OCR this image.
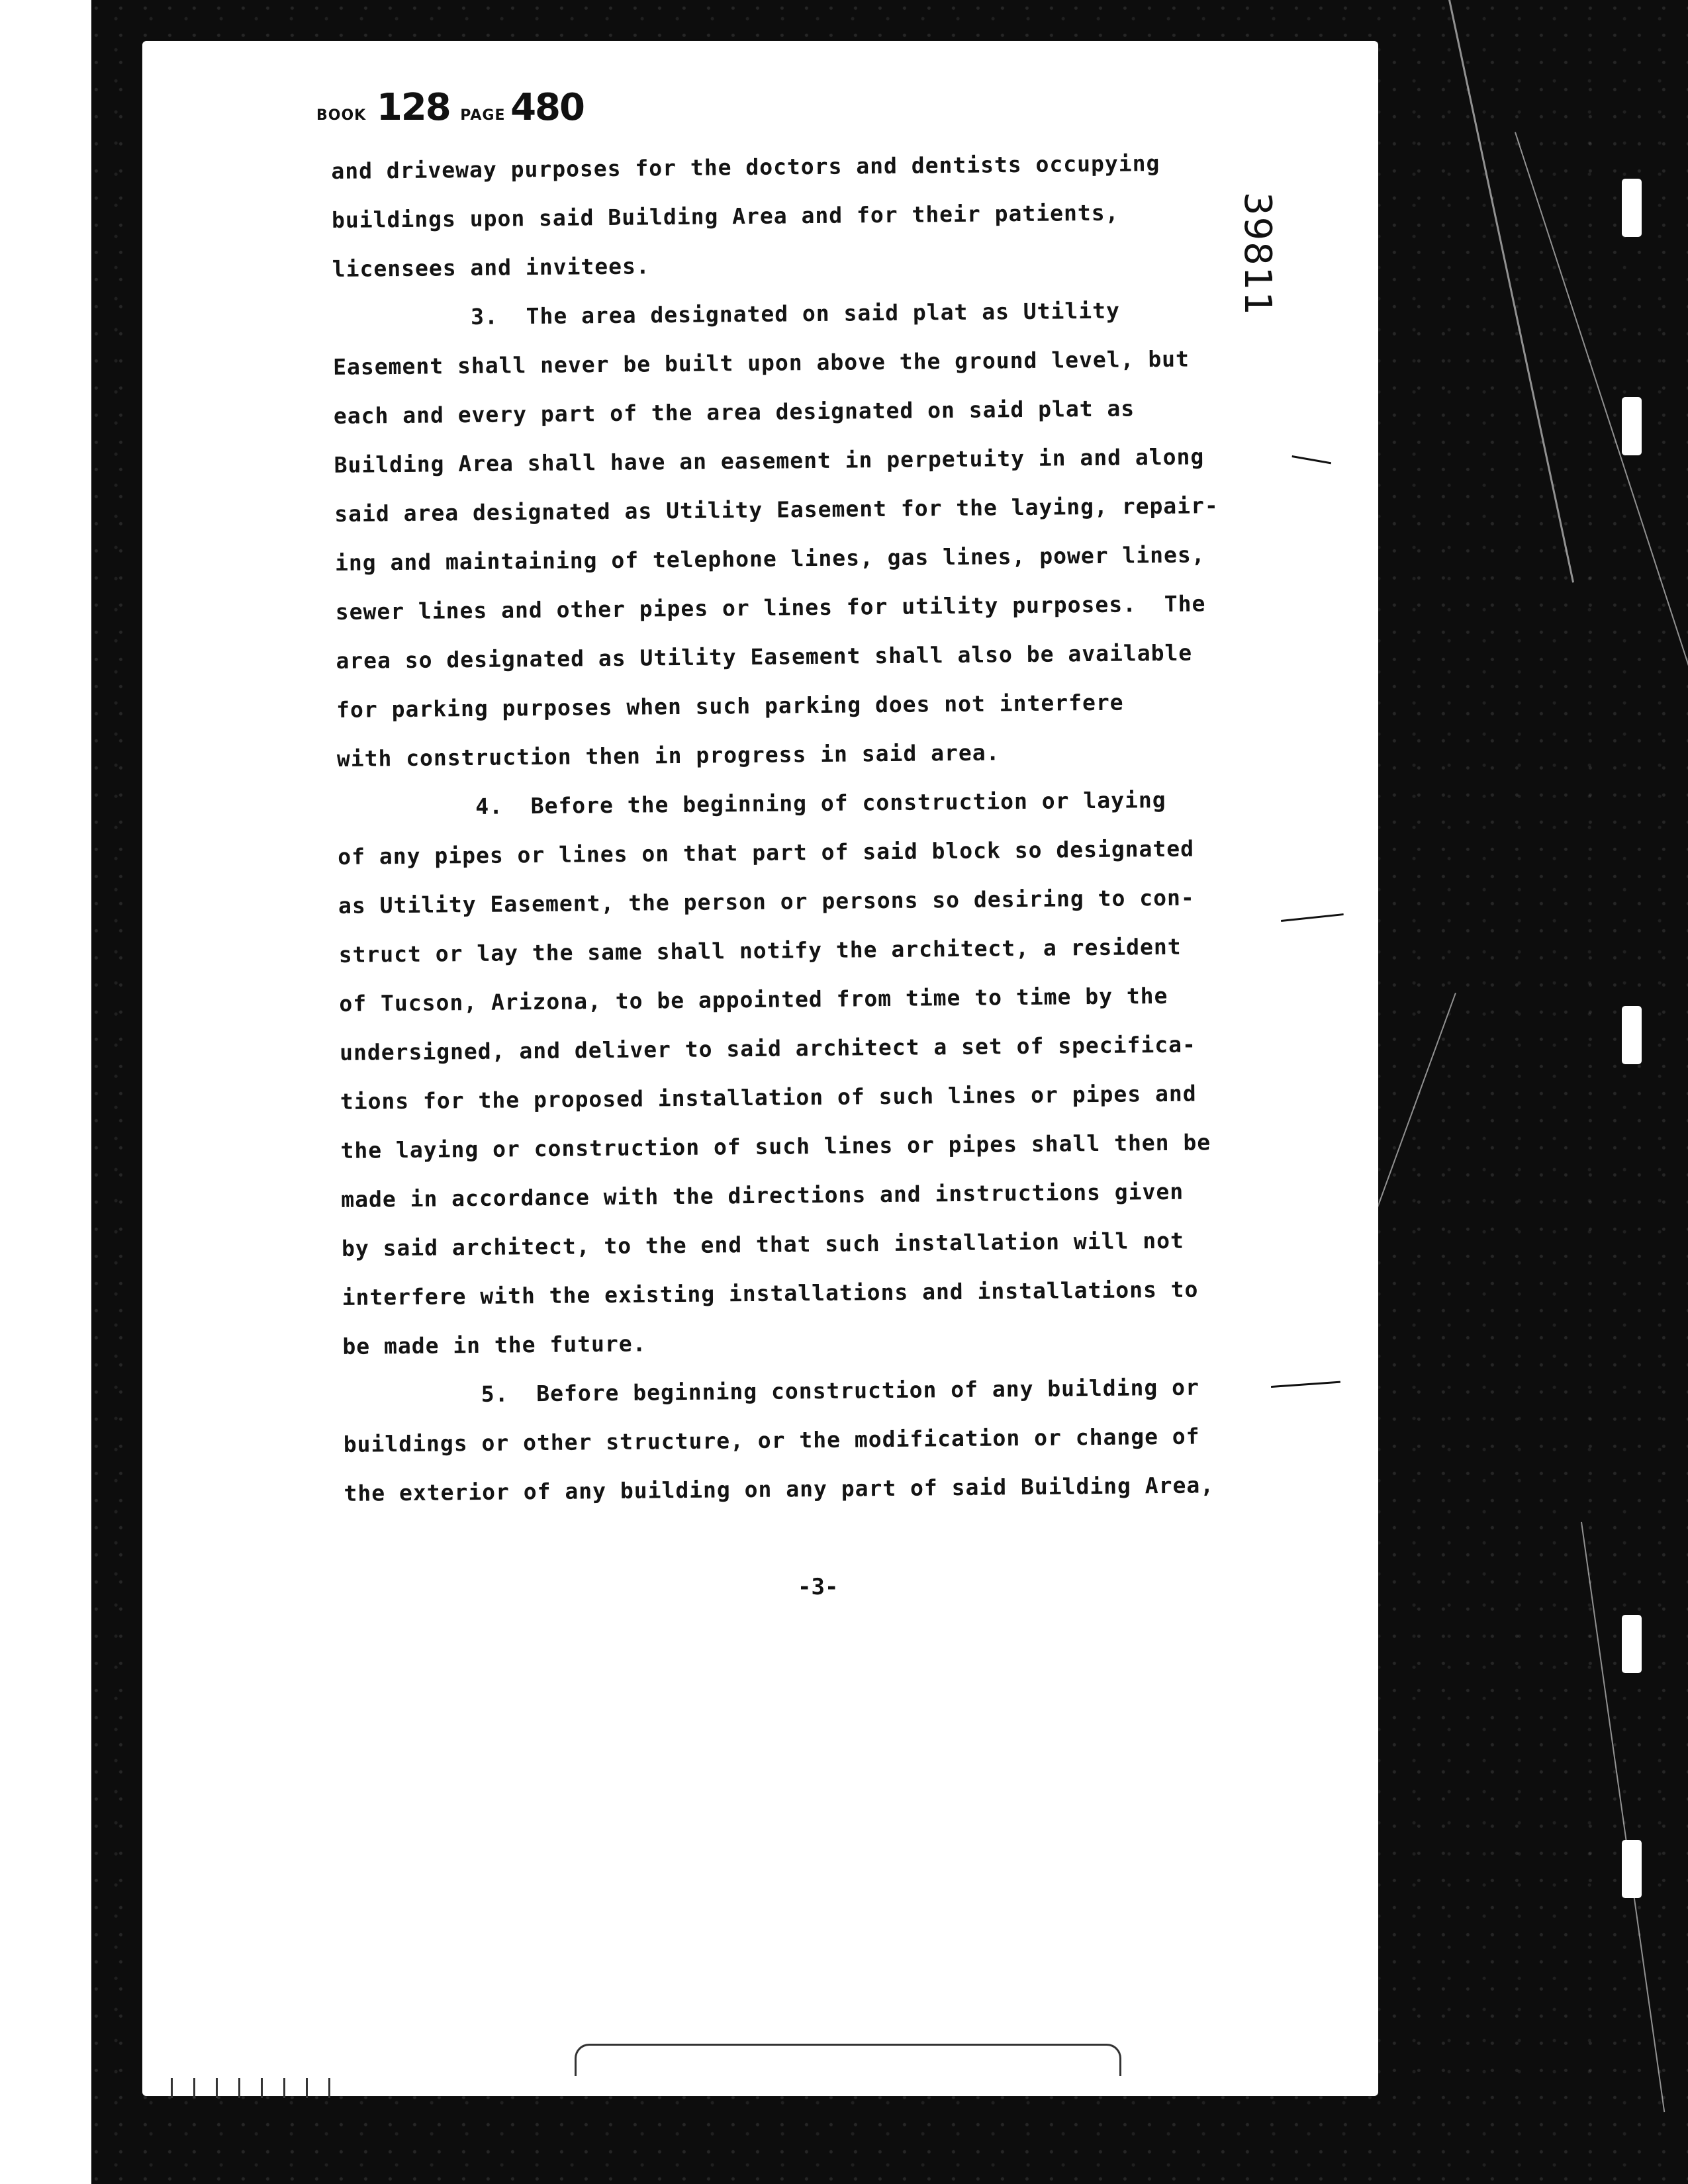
BOOK 128 PAGE 480
39811
and driveway purposes for the doctors and dentists occupying
buildings upon said Building Area and for their patients,
licensees and invitees.
3.  The area designated on said plat as Utility
Easement shall never be built upon above the ground level, but
each and every part of the area designated on said plat as
Building Area shall have an easement in perpetuity in and along
said area designated as Utility Easement for the laying, repair-
ing and maintaining of telephone lines, gas lines, power lines,
sewer lines and other pipes or lines for utility purposes.  The
area so designated as Utility Easement shall also be available
for parking purposes when such parking does not interfere
with construction then in progress in said area.
4.  Before the beginning of construction or laying
of any pipes or lines on that part of said block so designated
as Utility Easement, the person or persons so desiring to con-
struct or lay the same shall notify the architect, a resident
of Tucson, Arizona, to be appointed from time to time by the
undersigned, and deliver to said architect a set of specifica-
tions for the proposed installation of such lines or pipes and
the laying or construction of such lines or pipes shall then be
made in accordance with the directions and instructions given
by said architect, to the end that such installation will not
interfere with the existing installations and installations to
be made in the future.
5.  Before beginning construction of any building or
buildings or other structure, or the modification or change of
the exterior of any building on any part of said Building Area,
-3-
